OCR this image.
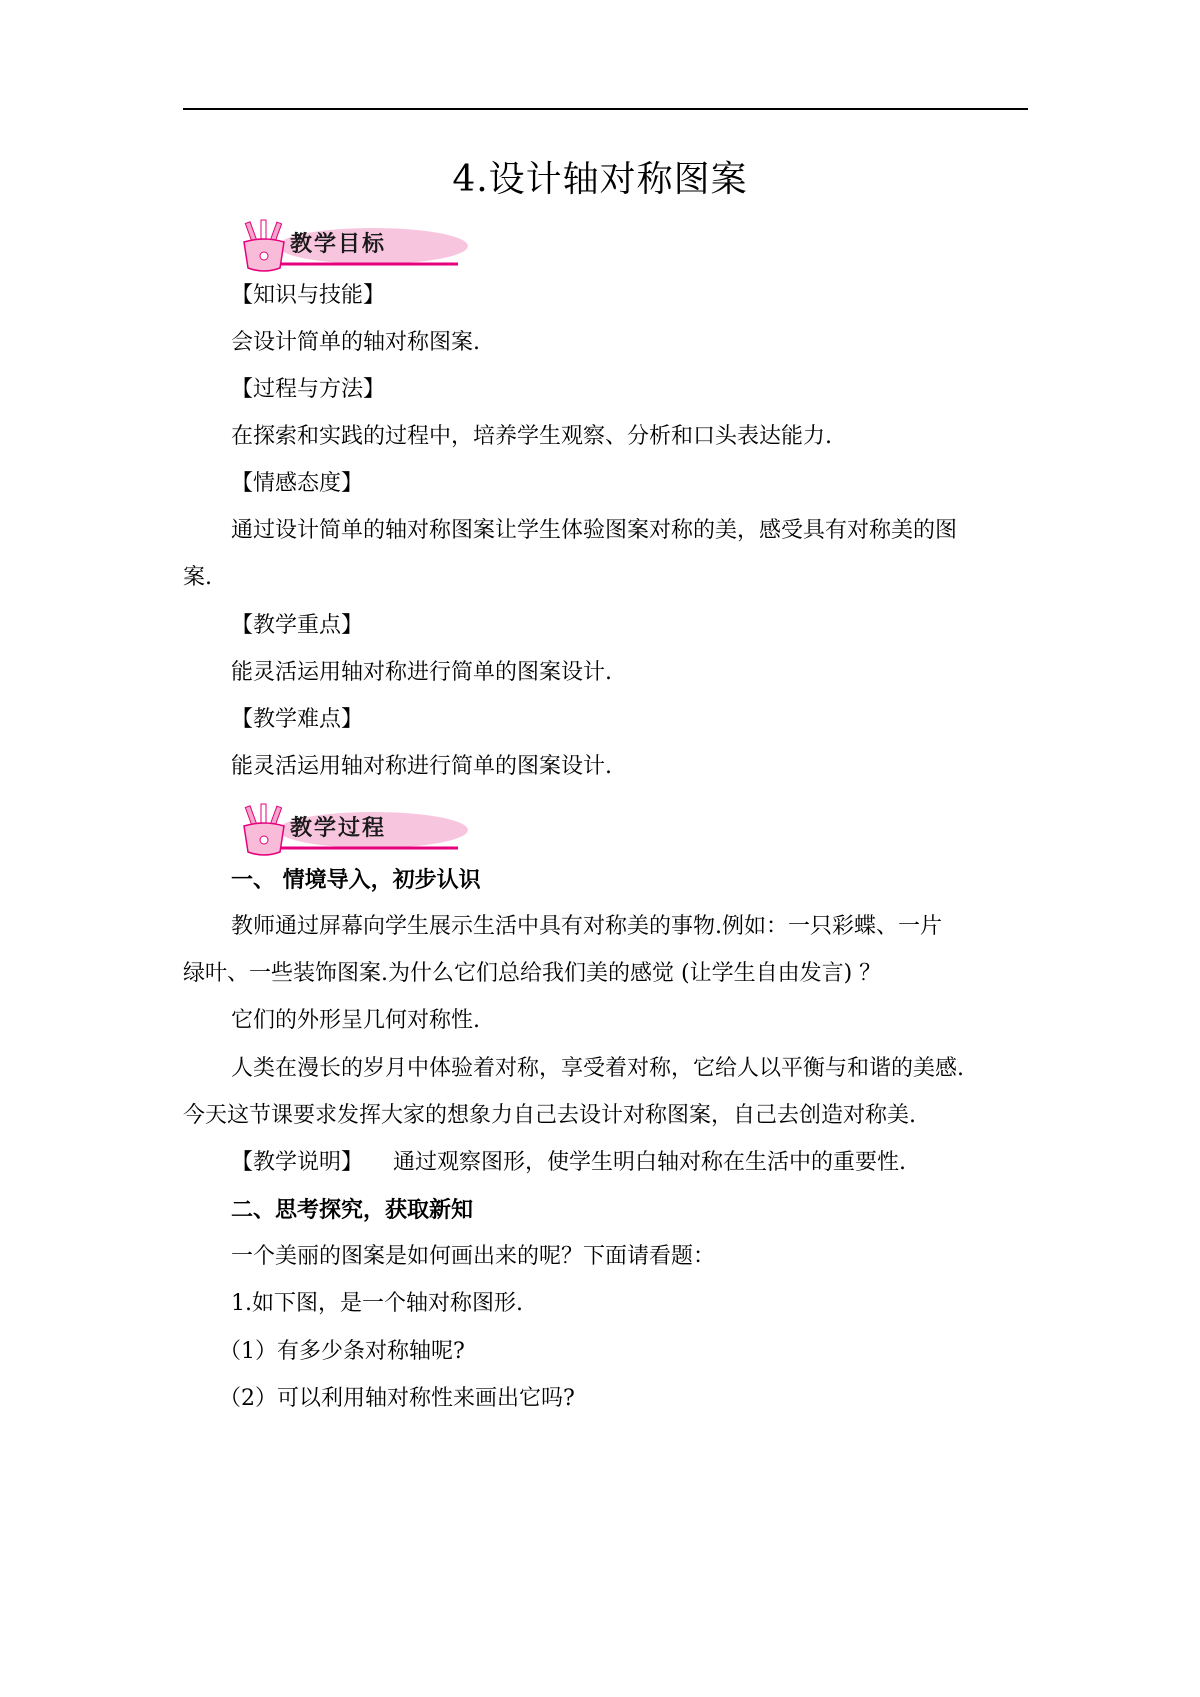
4.设计轴对称图案
教学目标
【知识与技能】
会设计简单的轴对称图案.
【过程与方法】
在探索和实践的过程中，培养学生观察、分析和口头表达能力.
【情感态度】
通过设计简单的轴对称图案让学生体验图案对称的美，感受具有对称美的图
案.
【教学重点】
能灵活运用轴对称进行简单的图案设计.
【教学难点】
能灵活运用轴对称进行简单的图案设计.
教学过程
一、 情境导入，初步认识
教师通过屏幕向学生展示生活中具有对称美的事物.例如：一只彩蝶、一片
绿叶、一些装饰图案.为什么它们总给我们美的感觉 (让学生自由发言) ？
它们的外形呈几何对称性.
人类在漫长的岁月中体验着对称，享受着对称，它给人以平衡与和谐的美感.
今天这节课要求发挥大家的想象力自己去设计对称图案，自己去创造对称美.
【教学说明】 通过观察图形，使学生明白轴对称在生活中的重要性.
二、思考探究，获取新知
一个美丽的图案是如何画出来的呢？下面请看题：
1.如下图，是一个轴对称图形.
（1）有多少条对称轴呢?
（2）可以利用轴对称性来画出它吗?
